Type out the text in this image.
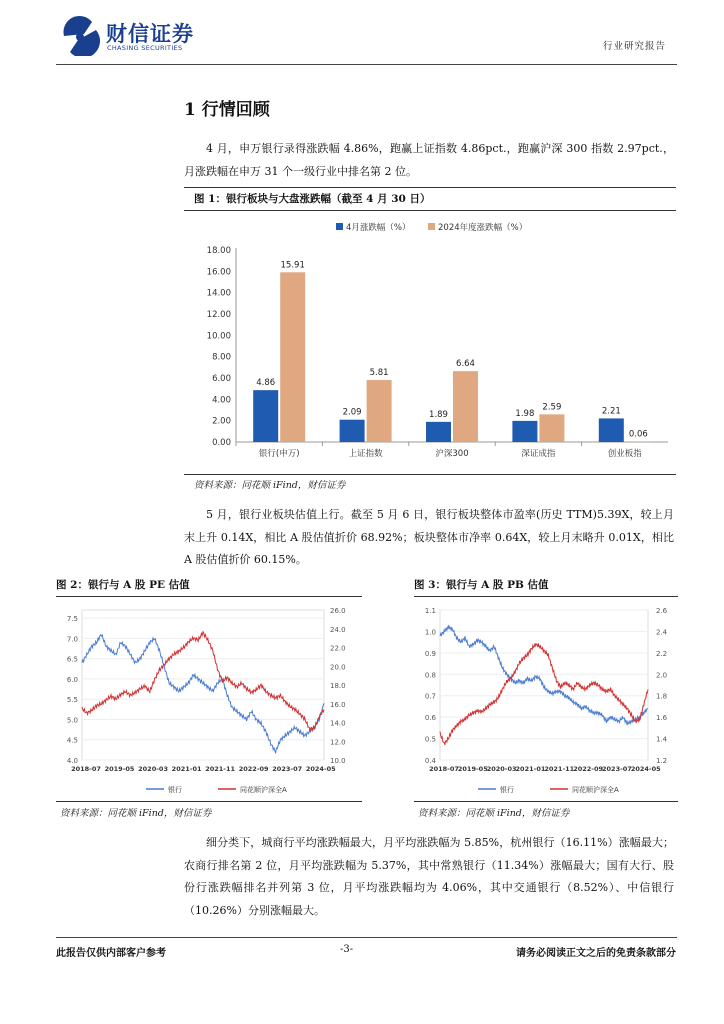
财信证券
CHASING SECURITIES	行业研究报告
1 行情回顾
4 月，申万银行录得涨跌幅 4.86%，跑赢上证指数 4.86pct.，跑赢沪深 300 指数 2.97pct.，月涨跌幅在申万 31 个一级行业中排名第 2 位。
图 1：银行板块与大盘涨跌幅（截至 4 月 30 日）
4月涨跌幅（%）	2024年度涨跌幅（%）
0.00
2.00
4.00
6.00
8.00
10.00
12.00
14.00
16.00
18.00
4.86
15.91
银行(申万)
2.09
5.81
上证指数
1.89
6.64
沪深300
1.98
2.59
深证成指
2.21
0.06
创业板指
资料来源：同花顺 iFind，财信证券
5 月，银行业板块估值上行。截至 5 月 6 日，银行板块整体市盈率(历史 TTM)5.39X，较上月末上升 0.14X，相比 A 股估值折价 68.92%；板块整体市净率 0.64X，较上月末略升 0.01X，相比 A 股估值折价 60.15%。
图 2：银行与 A 股 PE 估值
4.0
4.5
5.0
5.5
6.0
6.5
7.0
7.5
10.0
12.0
14.0
16.0
18.0
20.0
22.0
24.0
26.0
2018-07 2019-05 2020-03 2021-01 2021-11 2022-09 2023-07 2024-05
银行	同花顺沪深全A
资料来源：同花顺 iFind，财信证券
图 3：银行与 A 股 PB 估值
0.4
0.5
0.6
0.7
0.8
0.9
1.0
1.1
1.2
1.4
1.6
1.8
2.0
2.2
2.4
2.6
2018-07
2019-05
2020-03
2021-01
2021-11
2022-09
2023-07
2024-05
银行	同花顺沪深全A
资料来源：同花顺 iFind，财信证券
细分类下，城商行平均涨跌幅最大，月平均涨跌幅为 5.85%，杭州银行（16.11%）涨幅最大；农商行排名第 2 位，月平均涨跌幅为 5.37%，其中常熟银行（11.34%）涨幅最大；国有大行、股份行涨跌幅排名并列第 3 位，月平均涨跌幅均为 4.06%，其中交通银行（8.52%）、中信银行（10.26%）分别涨幅最大。
此报告仅供内部客户参考	-3-	请务必阅读正文之后的免责条款部分
